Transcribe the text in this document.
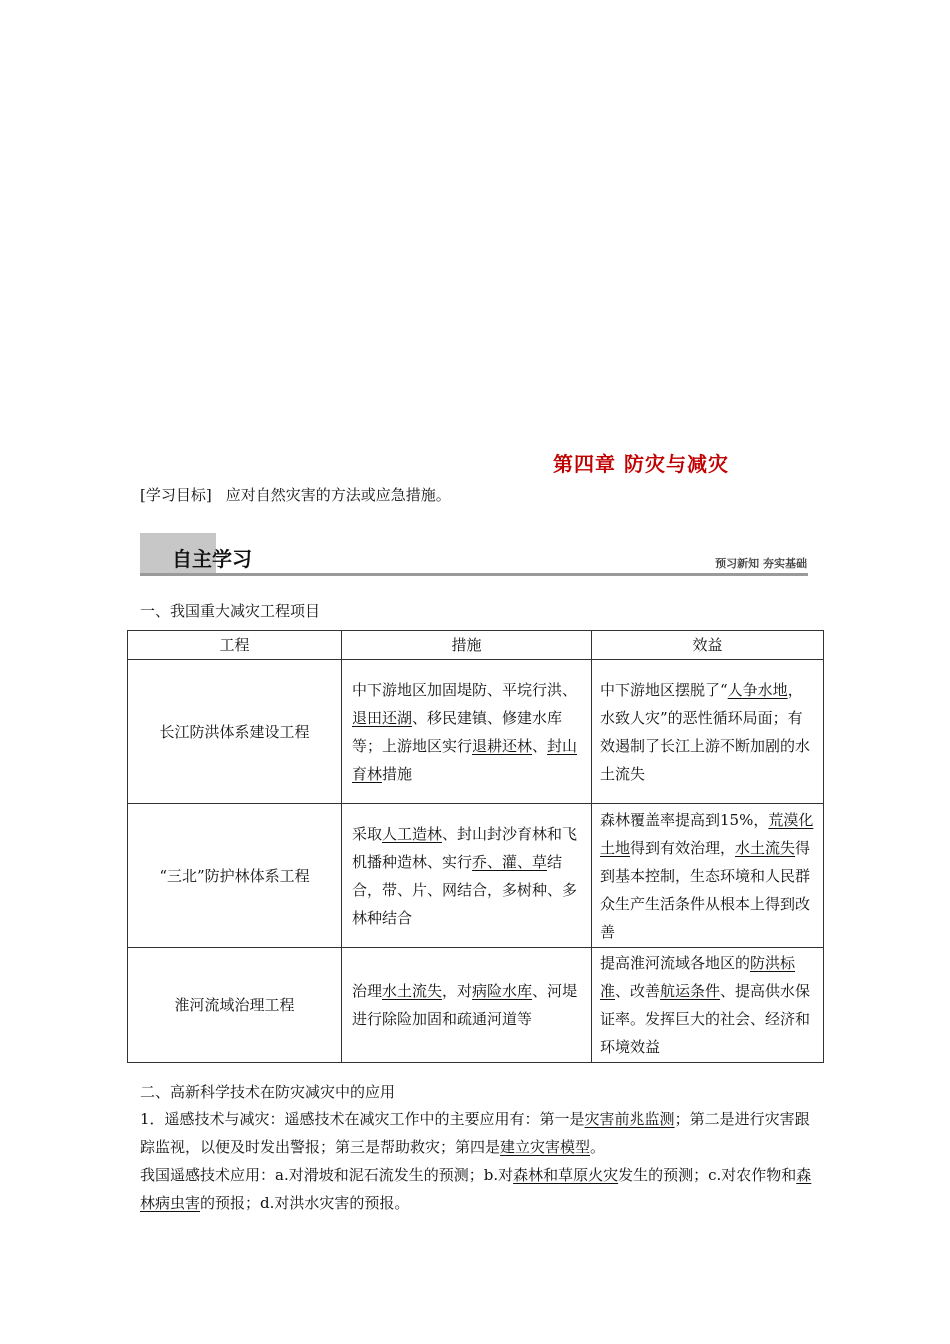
第四章 防灾与减灾
[学习目标] 应对自然灾害的方法或应急措施。
自主学习	预习新知 夯实基础
一、我国重大减灾工程项目
工程	措施	效益
长江防洪体系建设工程	中下游地区加固堤防、平垸行洪、退田还湖、移民建镇、修建水库等；上游地区实行退耕还林、封山育林措施	中下游地区摆脱了“人争水地，水致人灾”的恶性循环局面；有效遏制了长江上游不断加剧的水土流失
“三北”防护林体系工程	采取人工造林、封山封沙育林和飞机播种造林、实行乔、灌、草结合，带、片、网结合，多树种、多林种结合	森林覆盖率提高到15%，荒漠化土地得到有效治理，水土流失得到基本控制，生态环境和人民群众生产生活条件从根本上得到改善
淮河流域治理工程	治理水土流失，对病险水库、河堤进行除险加固和疏通河道等	提高淮河流域各地区的防洪标准、改善航运条件、提高供水保证率。发挥巨大的社会、经济和环境效益
二、高新科学技术在防灾减灾中的应用
1．遥感技术与减灾：遥感技术在减灾工作中的主要应用有：第一是灾害前兆监测；第二是进行灾害跟踪监视，以便及时发出警报；第三是帮助救灾；第四是建立灾害模型。
我国遥感技术应用：a.对滑坡和泥石流发生的预测；b.对森林和草原火灾发生的预测；c.对农作物和森林病虫害的预报；d.对洪水灾害的预报。
